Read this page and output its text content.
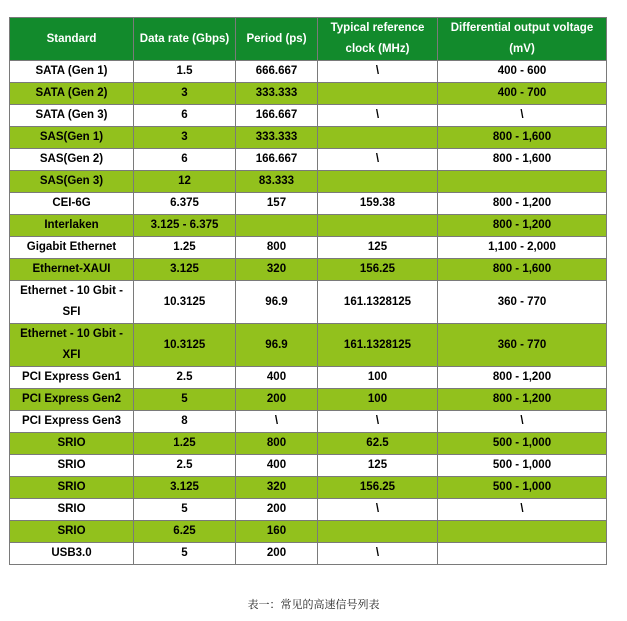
Standard	Data rate (Gbps)	Period (ps)	Typical reference clock (MHz)	Differential output voltage (mV)
SATA (Gen 1)	1.5	666.667	\	400 - 600
SATA (Gen 2)	3	333.333		400 - 700
SATA (Gen 3)	6	166.667	\	\
SAS(Gen 1)	3	333.333		800 - 1,600
SAS(Gen 2)	6	166.667	\	800 - 1,600
SAS(Gen 3)	12	83.333		
CEI-6G	6.375	157	159.38	800 - 1,200
Interlaken	3.125 - 6.375			800 - 1,200
Gigabit Ethernet	1.25	800	125	1,100 - 2,000
Ethernet-XAUI	3.125	320	156.25	800 - 1,600
Ethernet - 10 Gbit - SFI	10.3125	96.9	161.1328125	360 - 770
Ethernet - 10 Gbit - XFI	10.3125	96.9	161.1328125	360 - 770
PCI Express Gen1	2.5	400	100	800 - 1,200
PCI Express Gen2	5	200	100	800 - 1,200
PCI Express Gen3	8	\	\	\
SRIO	1.25	800	62.5	500 - 1,000
SRIO	2.5	400	125	500 - 1,000
SRIO	3.125	320	156.25	500 - 1,000
SRIO	5	200	\	\
SRIO	6.25	160		
USB3.0	5	200	\	
表一：常见的高速信号列表
